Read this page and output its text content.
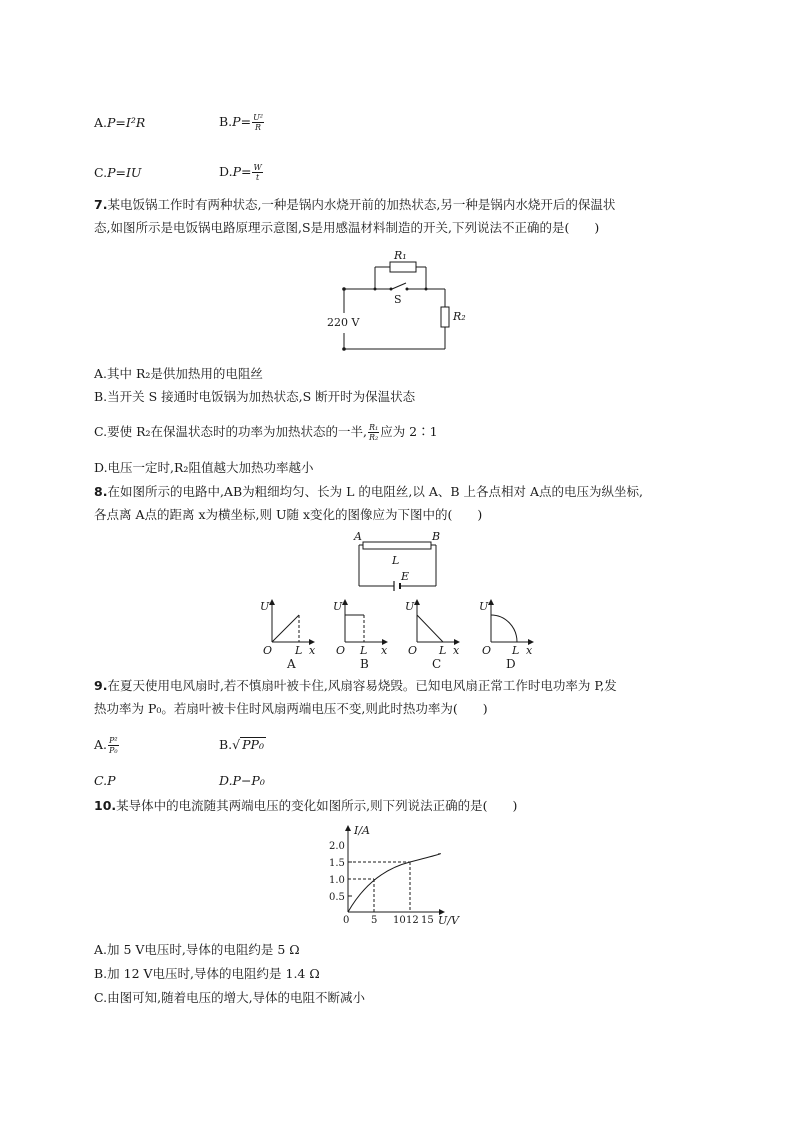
A.P=I²R	$B.P= \frac{\text{U²}}{R}$
C.P=IU	$D.P= \frac{W}{t}$
7.某电饭锅工作时有两种状态,一种是锅内水烧开前的加热状态,另一种是锅内水烧开后的保温状
态,如图所示是电饭锅电路原理示意图,S是用感温材料制造的开关,下列说法不正确的是(　　)
R₁
S
R₂
220 V
A.其中 R₂是供加热用的电阻丝
B.当开关 S 接通时电饭锅为加热状态,S 断开时为保温状态
C.要使 R₂在保温状态时的功率为加热状态的一半, $\frac{\text{R₁}}{\text{R₂}}$ 应为 2∶1
D.电压一定时,R₂阻值越大加热功率越小
8.在如图所示的电路中,AB为粗细均匀、长为 L 的电阻丝,以 A、B 上各点相对 A点的电压为纵坐标,
各点离 A点的距离 x为横坐标,则 U随 x变化的图像应为下图中的(　　)
A	B
L
E
U
O L x
A
U
O L x
B
U
O L x
C
U
O L x
D
9.在夏天使用电风扇时,若不慎扇叶被卡住,风扇容易烧毁。已知电风扇正常工作时电功率为 P,发
热功率为 P₀。若扇叶被卡住时风扇两端电压不变,则此时热功率为(　　)
A. $\frac{\text{P²}}{\text{P₀}}$	B.√ PP₀
C.P	D.P−P₀
10.某导体中的电流随其两端电压的变化如图所示,则下列说法正确的是(　　)
I/A
U/V
2.0
1.5
1.0
0.5
0 5 10 12 15
A.加 5 V电压时,导体的电阻约是 5 Ω
B.加 12 V电压时,导体的电阻约是 1.4 Ω
C.由图可知,随着电压的增大,导体的电阻不断减小
